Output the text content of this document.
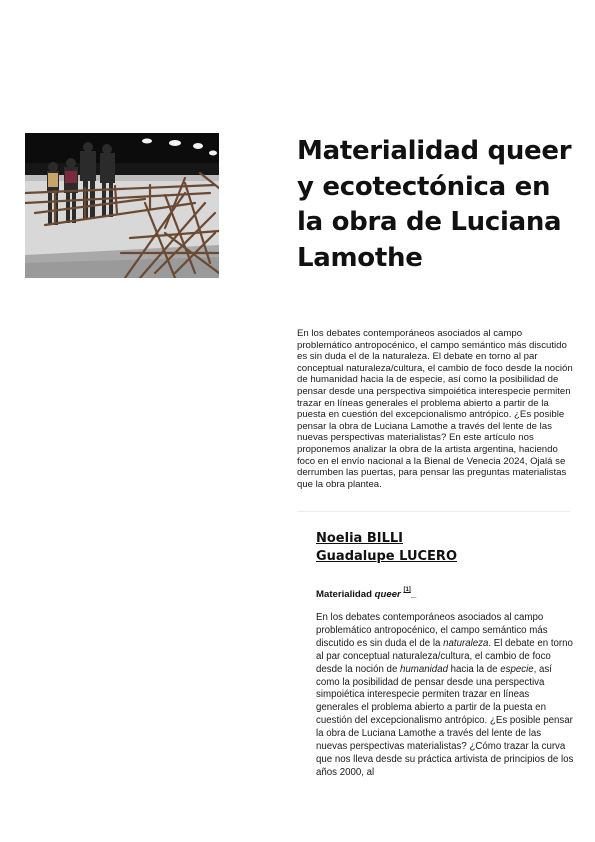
Materialidad queer y ecotectónica en la obra de Luciana Lamothe

En los debates contemporáneos asociados al campo problemático antropocénico, el campo semántico más discutido es sin duda el de la naturaleza. El debate en torno al par conceptual naturaleza/cultura, el cambio de foco desde la noción de humanidad hacia la de especie, así como la posibilidad de pensar desde una perspectiva simpoiética interespecie permiten trazar en líneas generales el problema abierto a partir de la puesta en cuestión del excepcionalismo antrópico. ¿Es posible pensar la obra de Luciana Lamothe a través del lente de las nuevas perspectivas materialistas? En este artículo nos proponemos analizar la obra de la artista argentina, haciendo foco en el envío nacional a la Bienal de Venecia 2024, Ojalá se derrumben las puertas, para pensar las preguntas materialistas que la obra plantea.

Noelia BILLI
Guadalupe LUCERO

Materialidad queer [1]_

En los debates contemporáneos asociados al campo problemático antropocénico, el campo semántico más discutido es sin duda el de la naturaleza. El debate en torno al par conceptual naturaleza/cultura, el cambio de foco desde la noción de humanidad hacia la de especie, así como la posibilidad de pensar desde una perspectiva simpoiética interespecie permiten trazar en líneas generales el problema abierto a partir de la puesta en cuestión del excepcionalismo antrópico. ¿Es posible pensar la obra de Luciana Lamothe a través del lente de las nuevas perspectivas materialistas? ¿Cómo trazar la curva que nos lleva desde su práctica artivista de principios de los años 2000, al
